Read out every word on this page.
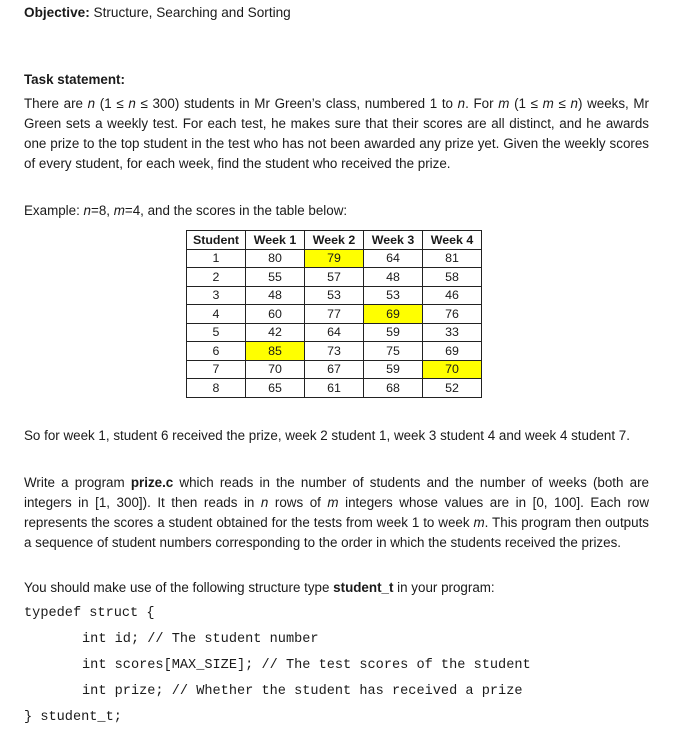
Objective: Structure, Searching and Sorting
Task statement:
There are n (1 ≤ n ≤ 300) students in Mr Green’s class, numbered 1 to n. For m (1 ≤ m ≤ n) weeks, Mr Green sets a weekly test. For each test, he makes sure that their scores are all distinct, and he awards one prize to the top student in the test who has not been awarded any prize yet. Given the weekly scores of every student, for each week, find the student who received the prize.
Example: n=8, m=4, and the scores in the table below:
Student	Week 1	Week 2	Week 3	Week 4
1	80	79	64	81
2	55	57	48	58
3	48	53	53	46
4	60	77	69	76
5	42	64	59	33
6	85	73	75	69
7	70	67	59	70
8	65	61	68	52
So for week 1, student 6 received the prize, week 2 student 1, week 3 student 4 and week 4 student 7.
Write a program prize.c which reads in the number of students and the number of weeks (both are integers in [1, 300]). It then reads in n rows of m integers whose values are in [0, 100]. Each row represents the scores a student obtained for the tests from week 1 to week m. This program then outputs a sequence of student numbers corresponding to the order in which the students received the prizes.
You should make use of the following structure type student_t in your program:
typedef struct {
int id; // The student number
int scores[MAX_SIZE]; // The test scores of the student
int prize; // Whether the student has received a prize
} student_t;
